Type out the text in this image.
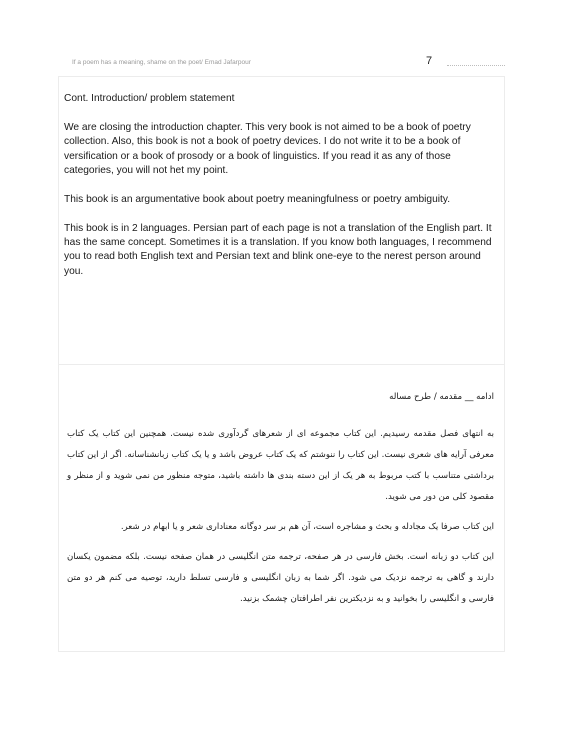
If a poem has a meaning, shame on the poet/ Emad Jafarpour	7

Cont. Introduction/ problem statement

We are closing the introduction chapter. This very book is not aimed to be a book of poetry collection. Also, this book is not a book of poetry devices. I do not write it to be a book of versification or a book of prosody or a book of linguistics. If you read it as any of those categories, you will not het my point.

This book is an argumentative book about poetry meaningfulness or poetry ambiguity.

This book is in 2 languages. Persian part of each page is not a translation of the English part. It has the same concept. Sometimes it is a translation. If you know both languages, I recommend you to read both English text and Persian text and blink one-eye to the nerest person around you.

ادامه __ مقدمه / طرح مساله

به انتهای فصل مقدمه رسیدیم. این کتاب مجموعه ای از شعرهای گردآوری شده نیست. همچنین این کتاب یک کتاب معرفی آرایه های شعری نیست. این کتاب را ننوشتم که یک کتاب عروض باشد و یا یک کتاب زبانشناسانه. اگر از این کتاب برداشتی متناسب با کتب مربوط به هر یک از این دسته بندی ها داشته باشید، متوجه منظور من نمی شوید و از منظر و مقصود کلی من دور می شوید.

این کتاب صرفا یک مجادله و بحث و مشاجره است، آن هم بر سر دوگانه معناداری شعر و یا ابهام در شعر.

این کتاب دو زبانه است. بخش فارسی در هر صفحه، ترجمه متن انگلیسی در همان صفحه نیست. بلکه مضمون یکسان دارند و گاهی به ترجمه نزدیک می شود. اگر شما به زبان انگلیسی و فارسی تسلط دارید، توصیه می کنم هر دو متن فارسی و انگلیسی را بخوانید و به نزدیکترین نفر اطرافتان چشمک بزنید.
